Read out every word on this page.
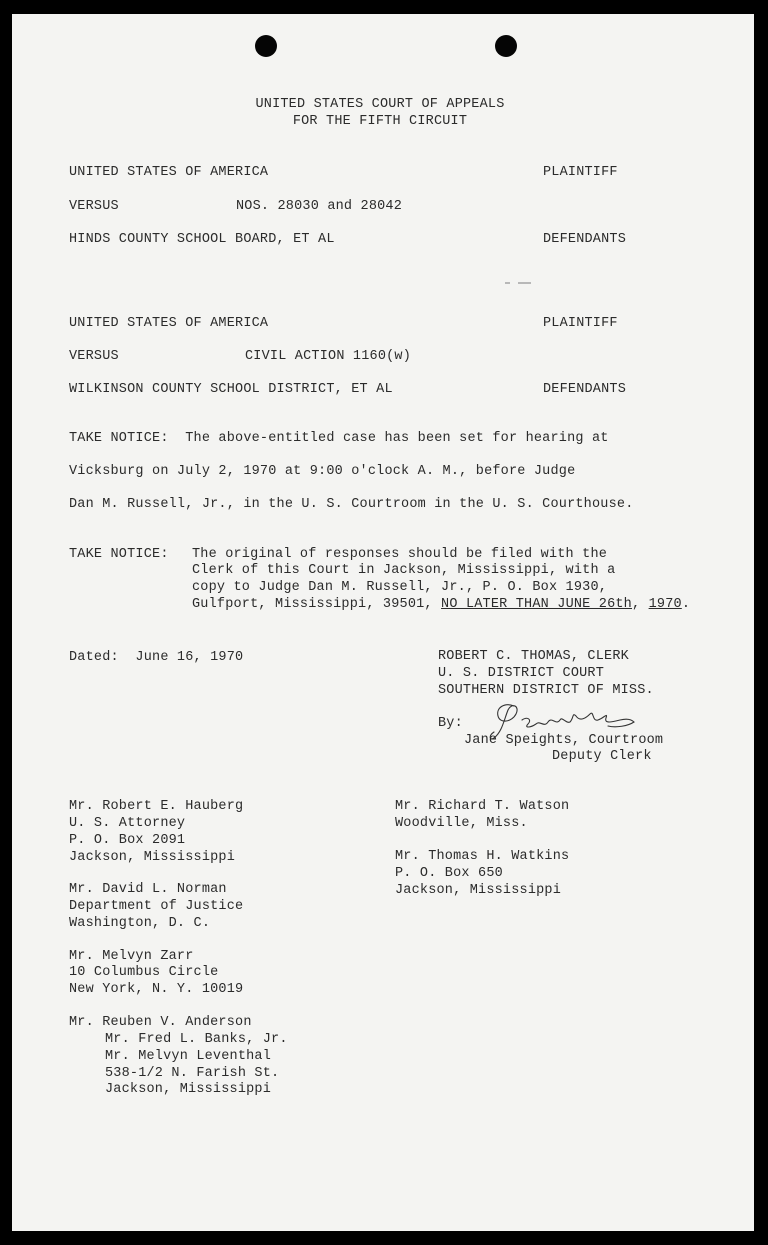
UNITED STATES COURT OF APPEALS
FOR THE FIFTH CIRCUIT
UNITED STATES OF AMERICA	PLAINTIFF
VERSUS	NOS. 28030 and 28042
HINDS COUNTY SCHOOL BOARD, ET AL	DEFENDANTS
UNITED STATES OF AMERICA	PLAINTIFF
VERSUS	CIVIL ACTION 1160(w)
WILKINSON COUNTY SCHOOL DISTRICT, ET AL	DEFENDANTS
TAKE NOTICE:  The above-entitled case has been set for hearing at
Vicksburg on July 2, 1970 at 9:00 o'clock A. M., before Judge
Dan M. Russell, Jr., in the U. S. Courtroom in the U. S. Courthouse.
TAKE NOTICE: The original of responses should be filed with the
Clerk of this Court in Jackson, Mississippi, with a
copy to Judge Dan M. Russell, Jr., P. O. Box 1930,
Gulfport, Mississippi, 39501, NO LATER THAN JUNE 26th, 1970.
Dated:  June 16, 1970	ROBERT C. THOMAS, CLERK
U. S. DISTRICT COURT
SOUTHERN DISTRICT OF MISS.
By:
Jane Speights, Courtroom
Deputy Clerk
Mr. Robert E. Hauberg
U. S. Attorney
P. O. Box 2091
Jackson, Mississippi
Mr. David L. Norman
Department of Justice
Washington, D. C.
Mr. Melvyn Zarr
10 Columbus Circle
New York, N. Y. 10019
Mr. Reuben V. Anderson
Mr. Fred L. Banks, Jr.
Mr. Melvyn Leventhal
538-1/2 N. Farish St.
Jackson, Mississippi
Mr. Richard T. Watson
Woodville, Miss.
Mr. Thomas H. Watkins
P. O. Box 650
Jackson, Mississippi
